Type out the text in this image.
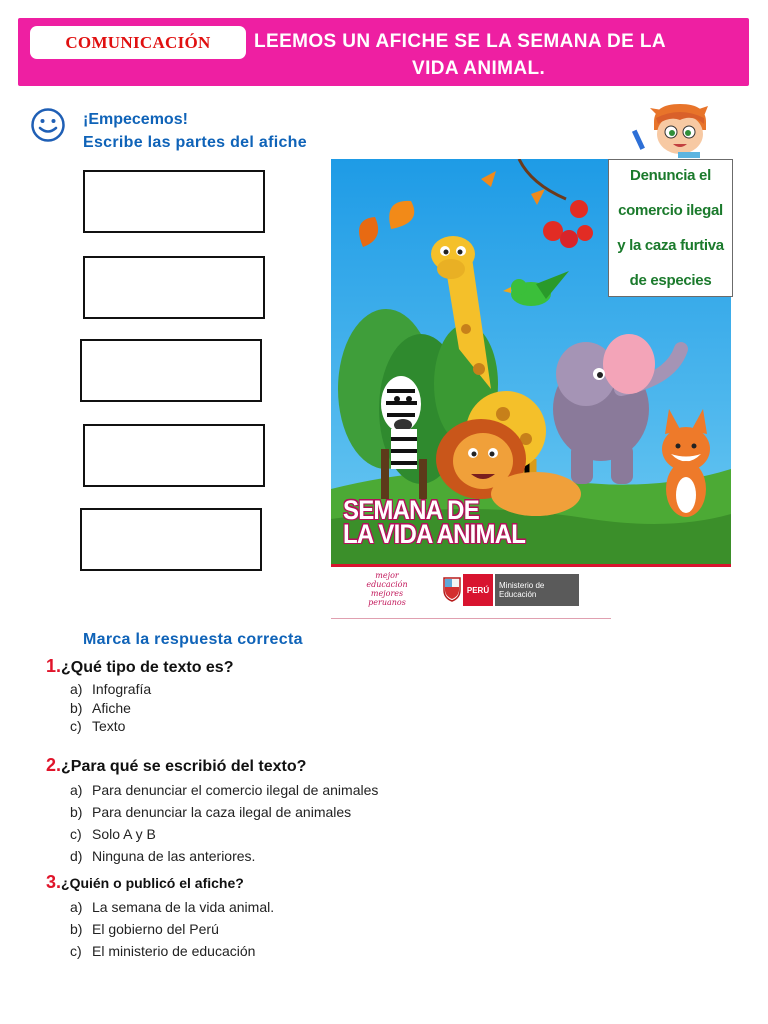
COMUNICACIÓN	LEEMOS UN AFICHE SE LA SEMANA DE LA
VIDA ANIMAL.
¡Empecemos!
Escribe las partes del afiche
Denuncia el
comercio ilegal
y la caza furtiva
de especies
SEMANA DE
LA VIDA ANIMAL
mejor educación mejores peruanos
PERÚ	Ministerio de Educación
Marca la respuesta correcta
1.¿Qué tipo de texto es?
a) Infografía
b) Afiche
c) Texto
2.¿Para qué se escribió del texto?
a) Para denunciar el comercio ilegal de animales
b) Para denunciar la caza ilegal de animales
c) Solo A y B
d) Ninguna de las anteriores.
3.¿Quién o publicó el afiche?
a) La semana de la vida animal.
b) El gobierno del Perú
c) El ministerio de educación
